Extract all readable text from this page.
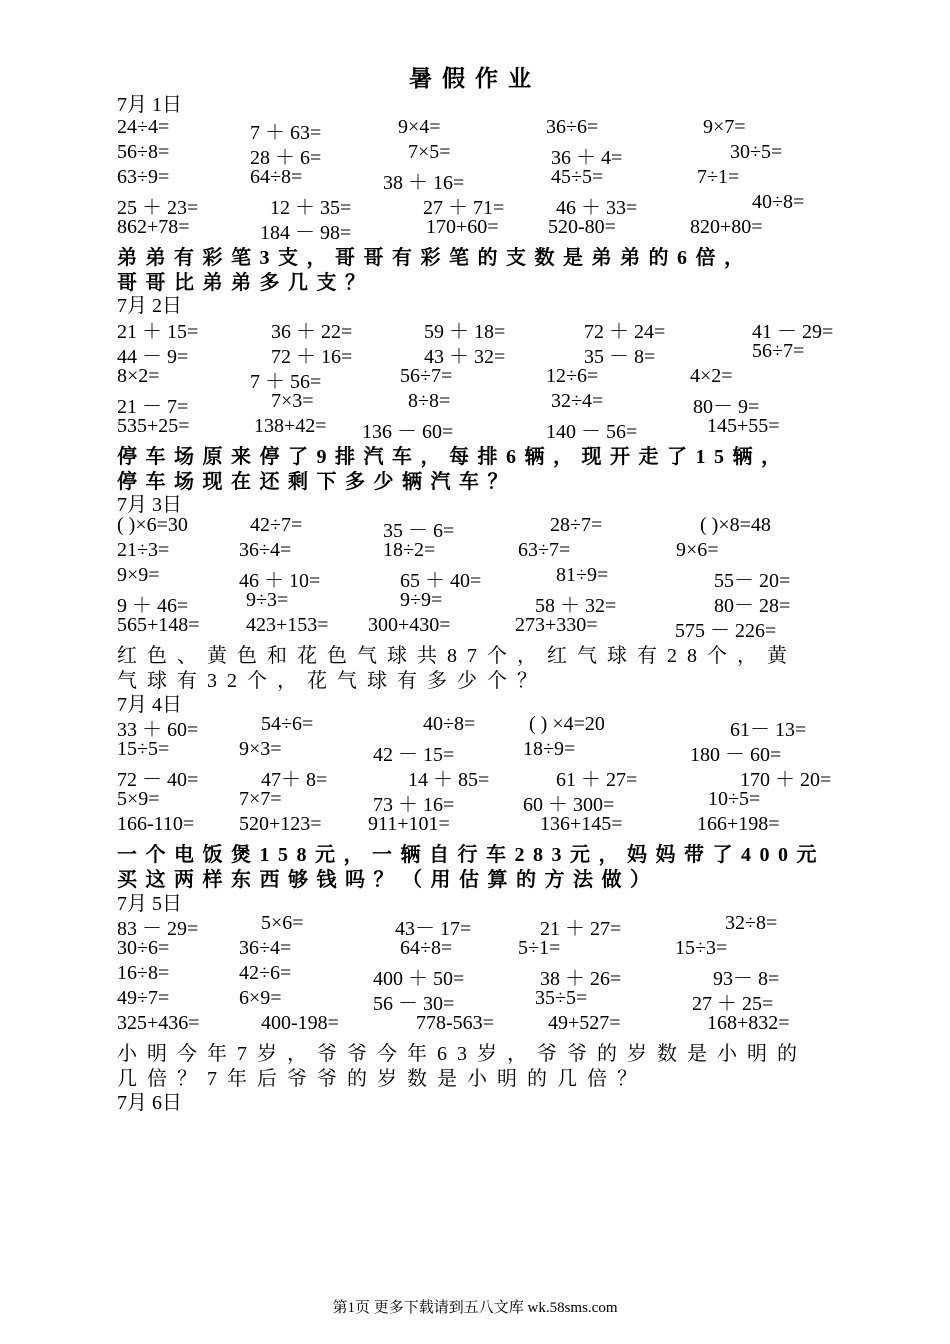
暑假作业
7月 1日
24÷4=	7 ＋ 63=	9×4=	36÷6=	9×7=
56÷8=	28 ＋ 6=	7×5=	36 ＋ 4=	30÷5=
63÷9=	64÷8=	38 ＋ 16=	45÷5=	7÷1=
25 ＋ 23=	12 ＋ 35=	27 ＋ 71=	46 ＋ 33=	40÷8=
862+78=	184 － 98=	170+60= 520-80=	820+80=
弟弟有彩笔3支，哥哥有彩笔的支数是弟弟的6倍，
哥哥比弟弟多几支？
7月 2日
21 ＋ 15=	36 ＋ 22=	59 ＋ 18=	72 ＋ 24=	41 － 29=
44 － 9=	72 ＋ 16=	43 ＋ 32=	35 － 8=	56÷7=
8×2=	7 ＋ 56=	56÷7=	12÷6=	4×2=
21 － 7=	7×3=	8÷8=	32÷4=	80－ 9=
535+25=	138+42= 136 － 60=	140 － 56=	145+55=
停车场原来停了9排汽车，每排6辆，现开走了15辆，
停车场现在还剩下多少辆汽车？
7月 3日
( )×6=30	42÷7=	35 － 6=	28÷7=	( )×8=48
21÷3=	36÷4=	18÷2=	63÷7=	9×6=
9×9=	46 ＋ 10=	65 ＋ 40=	81÷9=	55－ 20=
9 ＋ 46=	9÷3=	9÷9=	58 ＋ 32=	80－ 28=
565+148= 423+153= 300+430=	273+330=	575 － 226=
红色、黄色和花色气球共87个，红气球有28个，黄
气球有32个，花气球有多少个？
7月 4日
33 ＋ 60=	54÷6=	40÷8=	( ) ×4=20	61－ 13=
15÷5=	9×3=	42 － 15=	18÷9=	180 － 60=
72 － 40=	47＋ 8=	14 ＋ 85=	61 ＋ 27=	170 ＋ 20=
5×9=	7×7=	73 ＋ 16=	60 ＋ 300=	10÷5=
166-110= 520+123= 911+101=	136+145=	166+198=
一个电饭煲158元，一辆自行车283元，妈妈带了400元
买这两样东西够钱吗？（用估算的方法做）
7月 5日
83 － 29=	5×6=	43－ 17=	21 ＋ 27=	32÷8=
30÷6=	36÷4=	64÷8=	5÷1=	15÷3=
16÷8=	42÷6=	400 ＋ 50=	38 ＋ 26=	93－ 8=
49÷7=	6×9=	56 － 30=	35÷5=	27 ＋ 25=
325+436=	400-198=	778-563=	49+527=	168+832=
小明今年7岁，爷爷今年63岁，爷爷的岁数是小明的
几倍？7年后爷爷的岁数是小明的几倍？
7月 6日
第1页 更多下载请到五八文库 wk.58sms.com
